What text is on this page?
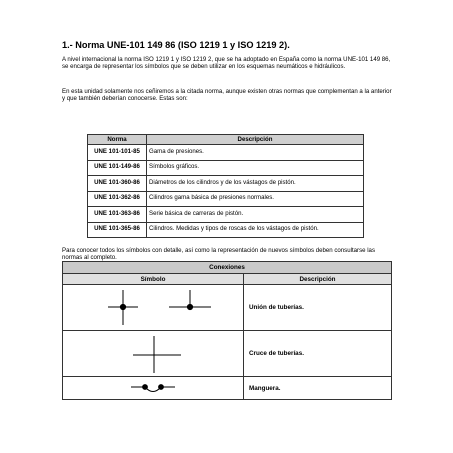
1.- Norma UNE-101 149 86 (ISO 1219 1 y ISO 1219 2).
A nivel internacional la norma ISO 1219 1 y ISO 1219 2, que se ha adoptado en España como la norma UNE-101 149 86, se encarga de representar los símbolos que se deben utilizar en los esquemas neumáticos e hidráulicos.
En esta unidad solamente nos ceñiremos a la citada norma, aunque existen otras normas que complementan a la anterior y que también deberían conocerse. Estas son:
Norma	Descripción
UNE 101-101-85	Gama de presiones.
UNE 101-149-86	Símbolos gráficos.
UNE 101-360-86	Diámetros de los cilindros y de los vástagos de pistón.
UNE 101-362-86	Cilindros gama básica de presiones normales.
UNE 101-363-86	Serie básica de carreras de pistón.
UNE 101-365-86	Cilindros. Medidas y tipos de roscas de los vástagos de pistón.
Para conocer todos los símbolos con detalle, así como la representación de nuevos símbolos deben consultarse las normas al completo.
Conexiones	
Símbolo	Descripción

	Unión de tuberías.

	Cruce de tuberías.

	Manguera.
